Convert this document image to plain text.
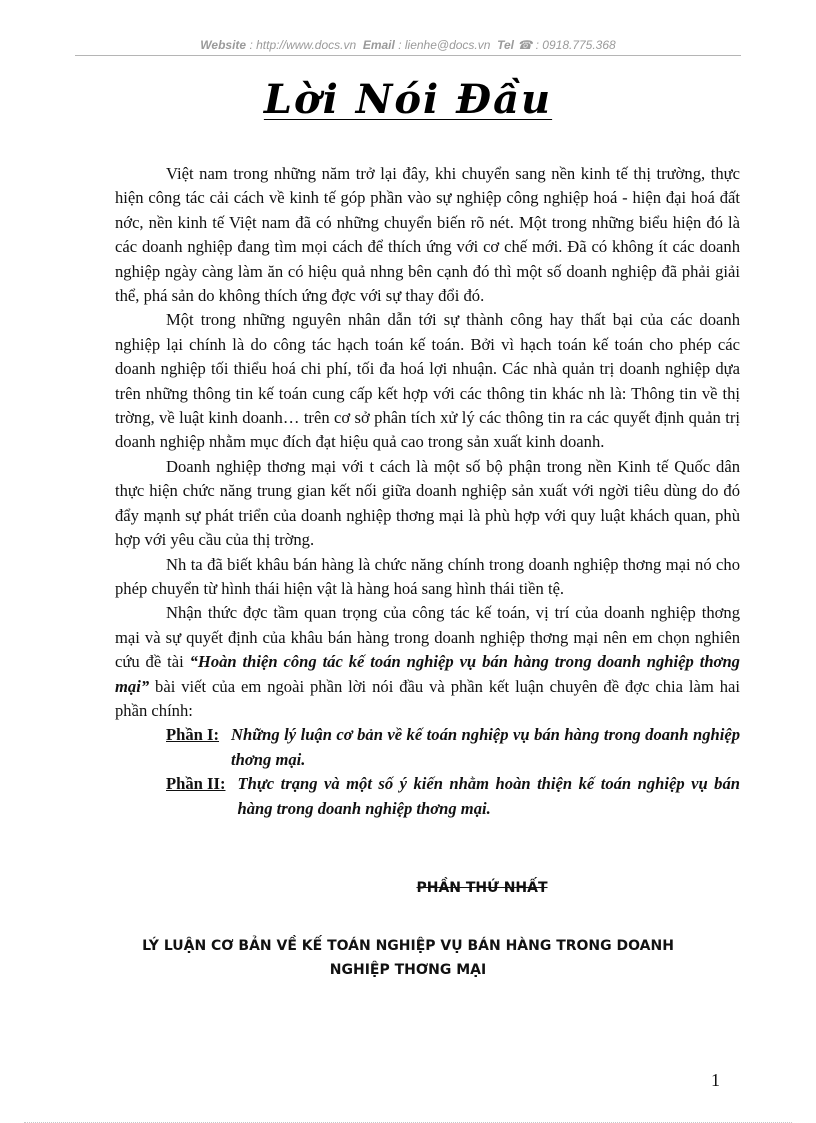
Website : http://www.docs.vn Email : lienhe@docs.vn Tel ☎ : 0918.775.368
Lời Nói Đầu

Việt nam trong những năm trở lại đây, khi chuyển sang nền kinh tế thị trường, thực hiện công tác cải cách về kinh tế góp phần vào sự nghiệp công nghiệp hoá - hiện đại hoá đất nớc, nền kinh tế Việt nam đã có những chuyển biến rõ nét. Một trong những biểu hiện đó là các doanh nghiệp đang tìm mọi cách để thích ứng với cơ chế mới. Đã có không ít các doanh nghiệp ngày càng làm ăn có hiệu quả nhng bên cạnh đó thì một số doanh nghiệp đã phải giải thể, phá sản do không thích ứng đợc với sự thay đổi đó.

Một trong những nguyên nhân dẫn tới sự thành công hay thất bại của các doanh nghiệp lại chính là do công tác hạch toán kế toán. Bởi vì hạch toán kế toán cho phép các doanh nghiệp tối thiểu hoá chi phí, tối đa hoá lợi nhuận. Các nhà quản trị doanh nghiệp dựa trên những thông tin kế toán cung cấp kết hợp với các thông tin khác nh là: Thông tin về thị trờng, về luật kinh doanh… trên cơ sở phân tích xử lý các thông tin ra các quyết định quản trị doanh nghiệp nhằm mục đích đạt hiệu quả cao trong sản xuất kinh doanh.

Doanh nghiệp thơng mại với t cách là một số bộ phận trong nền Kinh tế Quốc dân thực hiện chức năng trung gian kết nối giữa doanh nghiệp sản xuất với ngời tiêu dùng do đó đẩy mạnh sự phát triển của doanh nghiệp thơng mại là phù hợp với quy luật khách quan, phù hợp với yêu cầu của thị trờng.

Nh ta đã biết khâu bán hàng là chức năng chính trong doanh nghiệp thơng mại nó cho phép chuyển từ hình thái hiện vật là hàng hoá sang hình thái tiền tệ.

Nhận thức đợc tầm quan trọng của công tác kế toán, vị trí của doanh nghiệp thơng mại và sự quyết định của khâu bán hàng trong doanh nghiệp thơng mại nên em chọn nghiên cứu đề tài “Hoàn thiện công tác kế toán nghiệp vụ bán hàng trong doanh nghiệp thơng mại” bài viết của em ngoài phần lời nói đầu và phần kết luận chuyên đề đợc chia làm hai phần chính:

Phần I: Những lý luận cơ bản về kế toán nghiệp vụ bán hàng trong doanh nghiệp thơng mại.
Phần II: Thực trạng và một số ý kiến nhằm hoàn thiện kế toán nghiệp vụ bán hàng trong doanh nghiệp thơng mại.
PHẦN THỨ NHẤT
LÝ LUẬN CƠ BẢN VỀ KẾ TOÁN NGHIỆP VỤ BÁN HÀNG TRONG DOANH
NGHIỆP THƠNG MẠI
1
